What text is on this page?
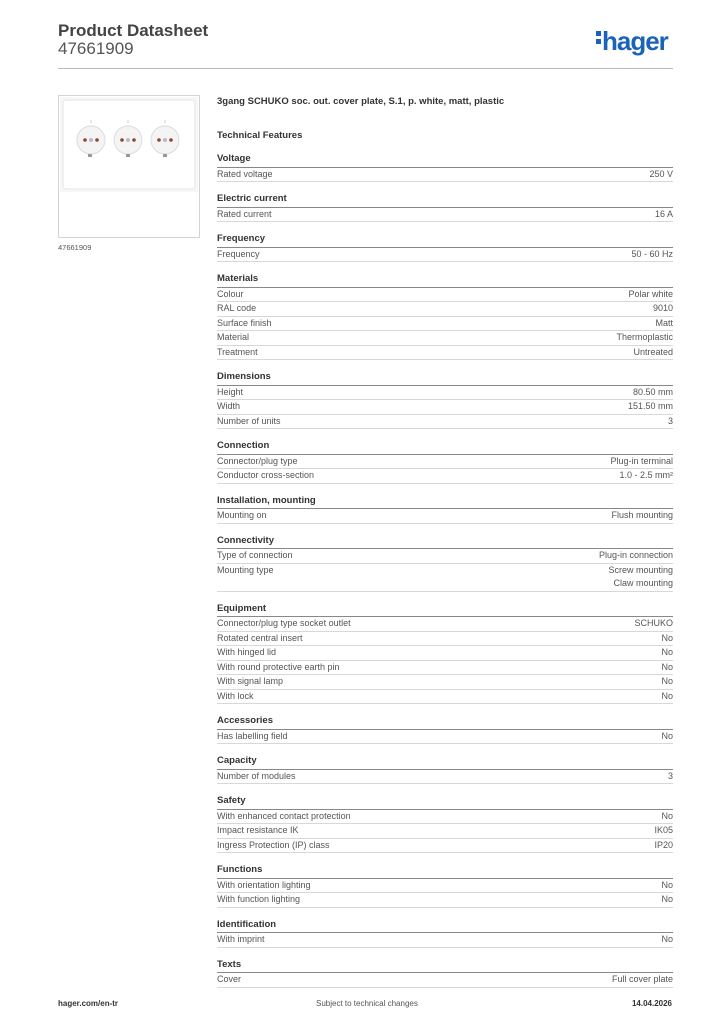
Product Datasheet
47661909	hager
↕	↕	↕
47661909
3gang SCHUKO soc. out. cover plate, S.1, p. white, matt, plastic
Technical Features
Voltage
Rated voltage	250 V
Electric current
Rated current	16 A
Frequency
Frequency	50 - 60 Hz
Materials
Colour	Polar white
RAL code	9010
Surface finish	Matt
Material	Thermoplastic
Treatment	Untreated
Dimensions
Height	80.50 mm
Width	151.50 mm
Number of units	3
Connection
Connector/plug type	Plug-in terminal
Conductor cross-section	1.0 - 2.5 mm²
Installation, mounting
Mounting on	Flush mounting
Connectivity
Type of connection	Plug-in connection
Mounting type	Screw mounting
Claw mounting
Equipment
Connector/plug type socket outlet	SCHUKO
Rotated central insert	No
With hinged lid	No
With round protective earth pin	No
With signal lamp	No
With lock	No
Accessories
Has labelling field	No
Capacity
Number of modules	3
Safety
With enhanced contact protection	No
Impact resistance IK	IK05
Ingress Protection (IP) class	IP20
Functions
With orientation lighting	No
With function lighting	No
Identification
With imprint	No
Texts
Cover	Full cover plate
hager.com/en-tr	Subject to technical changes	14.04.2026
